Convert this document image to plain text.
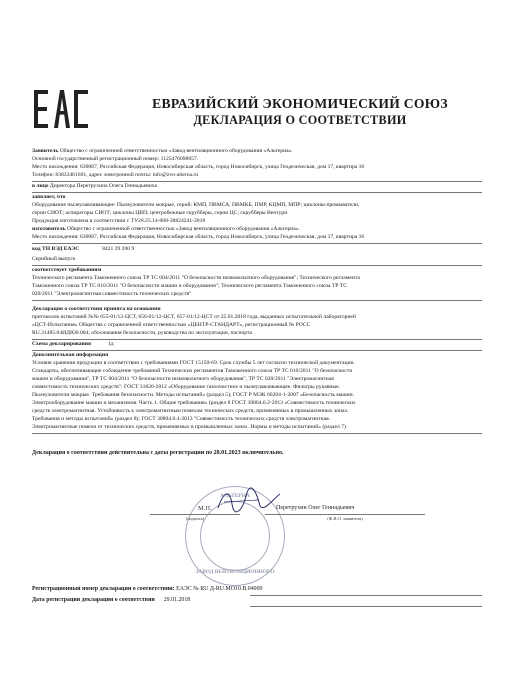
ЕВРАЗИЙСКИЙ ЭКОНОМИЧЕСКИЙ СОЮЗ
ДЕКЛАРАЦИЯ О СООТВЕТСТВИИ
Заявитель Общество с ограниченной ответственностью «Завод вентиляционного оборудования «Альтерна».
Основной государственный регистрационный номер: 1125476098857.
Место нахождения: 630087, Российская Федерация, Новосибирская область, город Новосибирск, улица Геодезическая, дом 17, квартира 16
Телефон: 83833461601, адрес электронной почты: info@zvo-alterna.ru
в лице Директора Перетрухина Олега Геннадьевича
заявляет, что
Оборудование пылеулавливающее: Пылеуловители мокрые, серий: КМП, ПВМСА, ПВМКБ, ПМР, КЦМП, МПР; циклоны-промыватели,
серии СИОТ; аспираторы СИОТ; циклоны ЦВП; центробежные скрубберы, серии ЦС; скрубберы Вентури
Продукция изготовлена в соответствии с ТУ28.25.14-008-38824241-2018
изготовитель Общество с ограниченной ответственностью «Завод вентиляционного оборудования «Альтерна».
Место нахождения: 630087, Российская Федерация, Новосибирская область, город Новосибирск, улица Геодезическая, дом 17, квартира 16
код ТН ВЭД ЕАЭС	8421 39 200 9
Серийный выпуск
соответствует требованиям
Технического регламента Таможенного союза ТР ТС 004/2011 "О безопасности низковольтного оборудования"; Технического регламента
Таможенного союза ТР ТС 010/2011 "О безопасности машин и оборудования"; Технического регламента Таможенного союза ТР ТС
020/2011 "Электромагнитная совместимость технических средств"
Декларация о соответствии принята на основании
протоколов испытаний №№ 655-01/12-ЦСТ, 656-01/12-ЦСТ, 657-01/12-ЦСТ от 25.01.2018 года, выданных испытательной лабораторией
«ЦСТ-Испытания» Общества с ограниченной ответственностью «ЦЕНТР-СТАНДАРТ», регистрационный № РОСС
RU.31485.04ИДЮ0.004; обоснования безопасности, руководства по эксплуатации, паспорта
Схема декларирования	1д
Дополнительная информация
Условия хранения продукции в соответствии с требованиями ГОСТ 15150-69. Срок службы 5 лет согласно технической документации.
Стандарты, обеспечивающие соблюдение требований Технических регламентов Таможенного союза ТР ТС 010/2011 "О безопасности
машин и оборудования", ТР ТС 004/2011 "О безопасности низковольтного оборудования", ТР ТС 020/2011 "Электромагнитная
совместимость технических средств": ГОСТ 31826-2012 «Оборудование газоочистное и пылеулавливающее. Фильтры рукавные.
Пылеуловители мокрые. Требования безопасности. Методы испытаний» (раздел 5); ГОСТ Р МЭК 60204-1-2007 «Безопасность машин.
Электрооборудование машин и механизмов. Часть 1. Общие требования» (раздел 8 ГОСТ 30804.6.2-2013 «Совместимость технических
средств электромагнитная. Устойчивость к электромагнитным помехам технических средств, применяемых в промышленных зонах.
Требования и методы испытаний» (раздел 8); ГОСТ 30804.6.4-2013 "Совместимость технических средств электромагнитная.
Электромагнитные помехи от технических средств, применяемых в промышленных зонах. Нормы и методы испытаний» (раздел 7)
Декларация о соответствии действительна с даты регистрации по 28.01.2023 включительно.
АЛЬТЕРНА
ЗАВОД ВЕНТИЛЯЦИОННОГО
М.П.
(подпись)
Перетрухин Олег Геннадьевич
(Ф.И.О. заявителя)
Регистрационный номер декларации о соответствии: ЕАЭС № RU Д-RU.МО10.В.04909
Дата регистрации декларации о соответствии 29.01.2018
